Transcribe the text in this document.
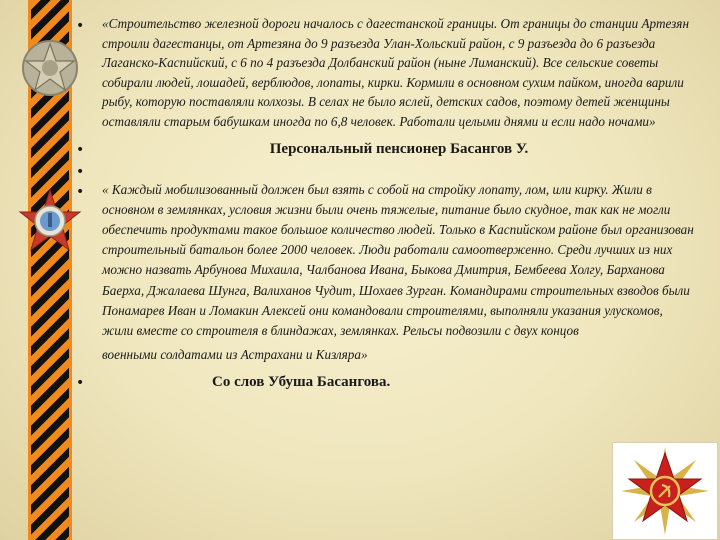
• «Строительство железной дороги началось с дагестанской границы. От границы до станции Артезян строили дагестанцы, от Артезяна до 9 разъезда Улан-Хольский район, с 9 разъезда до 6 разъезда Лаганско-Каспийский, с 6 по 4 разъезда Долбанский район (ныне Лиманский). Все сельские советы собирали людей, лошадей, верблюдов, лопаты, кирки. Кормили в основном сухим пайком, иногда варили рыбу, которую поставляли колхозы. В селах не было яслей, детских садов, поэтому детей женщины оставляли старым бабушкам иногда по 6,8 человек. Работали целыми днями и если надо ночами»

•	Персональный пенсионер Басангов У.

•
• « Каждый мобилизованный должен был взять с собой на стройку лопату, лом, или кирку. Жили в основном в землянках, условия жизни были очень тяжелые, питание было скудное, так как не могли обеспечить продуктами такое большое количество людей. Только в Каспийском районе был организован строительный батальон более 2000 человек. Люди работали самоотверженно. Среди лучших из них можно назвать Арбунова Михаила, Чалбанова Ивана, Быкова Дмитрия, Бембеева Холгу, Барханова Баерха, Джалаева Шунга, Валиханов Чудит, Шохаев Зурган. Командирами строительных взводов были Понамарев Иван и Ломакин Алексей они командовали строителями, выполняли указания улускомов, жили вместе со строителя в блиндажах, землянках. Рельсы подвозили с двух концов
военными солдатами из Астрахани и Кизляра»

•	Со слов Убуша Басангова.
